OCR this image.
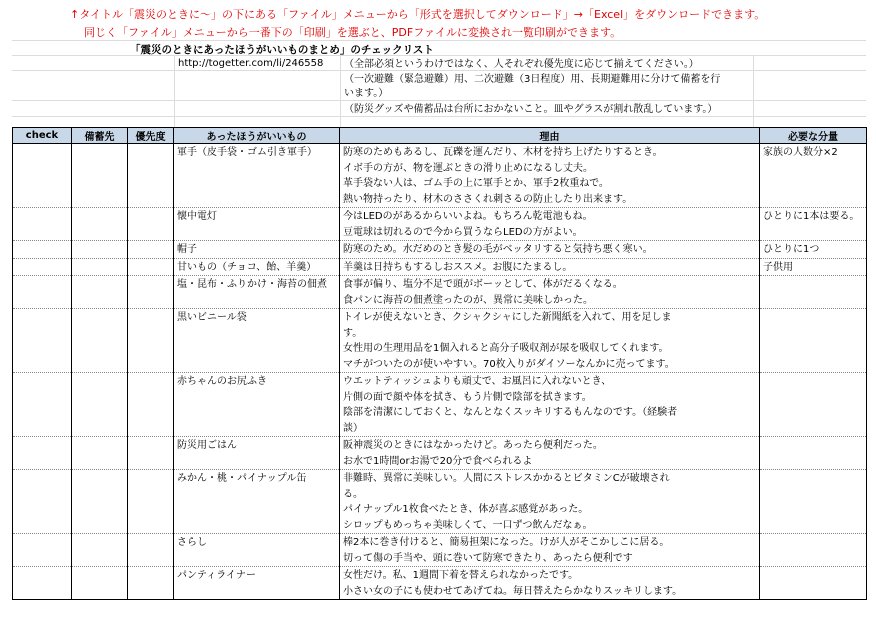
↑タイトル「震災のときに～」の下にある「ファイル」メニューから「形式を選択してダウンロード」→「Excel」をダウンロードできます。
同じく「ファイル」メニューから一番下の「印刷」を選ぶと、PDFファイルに変換され一覧印刷ができます。
「震災のときにあったほうがいいものまとめ」のチェックリスト
http://togetter.com/li/246558 （全部必須というわけではなく、人それぞれ優先度に応じて揃えてください。）
（一次避難（緊急避難）用、二次避難（3日程度）用、長期避難用に分けて備蓄を行
います。）
（防災グッズや備蓄品は台所におかないこと。皿やグラスが割れ散乱しています。）
check	備蓄先	優先度	あったほうがいいもの	理由	必要な分量
			軍手（皮手袋・ゴム引き軍手）	防寒のためもあるし、瓦礫を運んだり、木材を持ち上げたりするとき。
イボ手の方が、物を運ぶときの滑り止めになるし丈夫。
革手袋ない人は、ゴム手の上に軍手とか、軍手2枚重ねで。
熱い物持ったり、材木のささくれ刺さるの防止したり出来ます。	家族の人数分×2
			懐中電灯	今はLEDのがあるからいいよね。もちろん乾電池もね。
豆電球は切れるので今から買うならLEDの方がよい。	ひとりに1本は要る。
			帽子	防寒のため。水だめのとき髪の毛がベッタリすると気持ち悪く寒い。	ひとりに1つ
			甘いもの（チョコ、飴、羊羹）	羊羹は日持ちもするしおススメ。お腹にたまるし。	子供用
			塩・昆布・ふりかけ・海苔の佃煮	食事が偏り、塩分不足で頭がボーッとして、体がだるくなる。
食パンに海苔の佃煮塗ったのが、異常に美味しかった。	

			黒いビニール袋	トイレが使えないとき、クシャクシャにした新聞紙を入れて、用を足しま
す。
女性用の生理用品を1個入れると高分子吸収剤が尿を吸収してくれます。
マチがついたのが使いやすい。70枚入りがダイソーなんかに売ってます。	

			赤ちゃんのお尻ふき	ウエットティッシュよりも頑丈で、お風呂に入れないとき、
片側の面で顔や体を拭き、もう片側で陰部を拭きます。
陰部を清潔にしておくと、なんとなくスッキリするもんなのです。（経験者
談）	

			防災用ごはん	阪神震災のときにはなかったけど。あったら便利だった。
お水で1時間orお湯で20分で食べられるよ	

			みかん・桃・パイナップル缶	非難時、異常に美味しい。人間にストレスかかるとビタミンCが破壊され
る。
パイナップル1枚食べたとき、体が喜ぶ感覚があった。
シロップもめっちゃ美味しくて、一口ずつ飲んだなぁ。	

			さらし	棒2本に巻き付けると、簡易担架になった。けが人がそこかしこに居る。
切って傷の手当や、頭に巻いて防寒できたり、あったら便利です	

			パンティライナー	女性だけ。私、1週間下着を替えられなかったです。
小さい女の子にも使わせてあげてね。毎日替えたらかなりスッキリします。	
